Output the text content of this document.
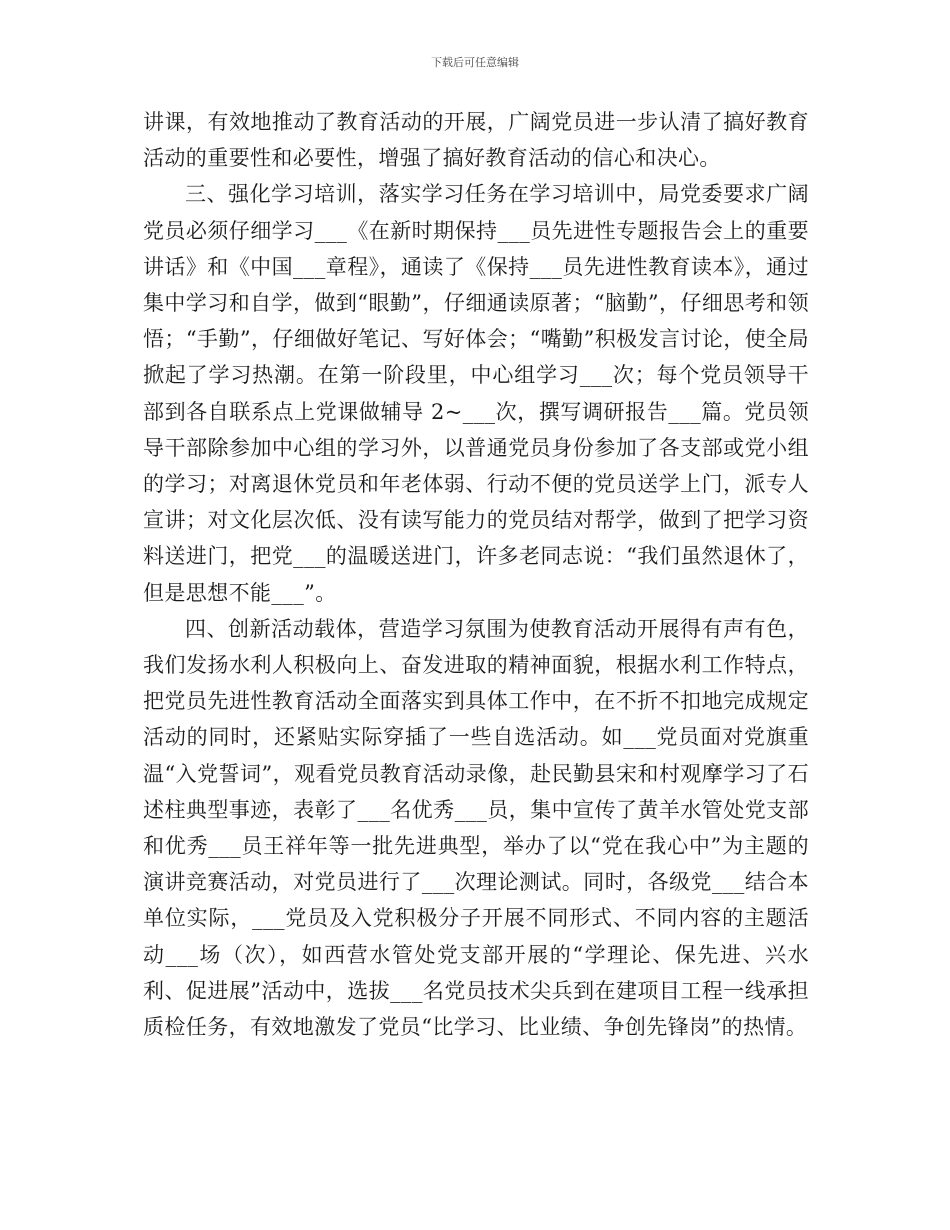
下载后可任意编辑

讲课，有效地推动了教育活动的开展，广阔党员进一步认清了搞好教育活动的重要性和必要性，增强了搞好教育活动的信心和决心。

三、强化学习培训，落实学习任务在学习培训中，局党委要求广阔党员必须仔细学习___《在新时期保持___员先进性专题报告会上的重要讲话》和《中国___章程》，通读了《保持___员先进性教育读本》，通过集中学习和自学，做到“眼勤”，仔细通读原著；“脑勤”，仔细思考和领悟；“手勤”，仔细做好笔记、写好体会；“嘴勤”积极发言讨论，使全局掀起了学习热潮。在第一阶段里，中心组学习___次；每个党员领导干部到各自联系点上党课做辅导 2~___次，撰写调研报告___篇。党员领导干部除参加中心组的学习外，以普通党员身份参加了各支部或党小组的学习；对离退休党员和年老体弱、行动不便的党员送学上门，派专人宣讲；对文化层次低、没有读写能力的党员结对帮学，做到了把学习资料送进门，把党___的温暖送进门，许多老同志说：“我们虽然退休了，但是思想不能___”。

四、创新活动载体，营造学习氛围为使教育活动开展得有声有色，我们发扬水利人积极向上、奋发进取的精神面貌，根据水利工作特点，把党员先进性教育活动全面落实到具体工作中，在不折不扣地完成规定活动的同时，还紧贴实际穿插了一些自选活动。如___党员面对党旗重温“入党誓词”，观看党员教育活动录像，赴民勤县宋和村观摩学习了石述柱典型事迹，表彰了___名优秀___员，集中宣传了黄羊水管处党支部和优秀___员王祥年等一批先进典型，举办了以“党在我心中”为主题的演讲竞赛活动，对党员进行了___次理论测试。同时，各级党___结合本单位实际，___党员及入党积极分子开展不同形式、不同内容的主题活动___场（次），如西营水管处党支部开展的“学理论、保先进、兴水利、促进展”活动中，选拔___名党员技术尖兵到在建项目工程一线承担质检任务，有效地激发了党员“比学习、比业绩、争创先锋岗”的热情。
